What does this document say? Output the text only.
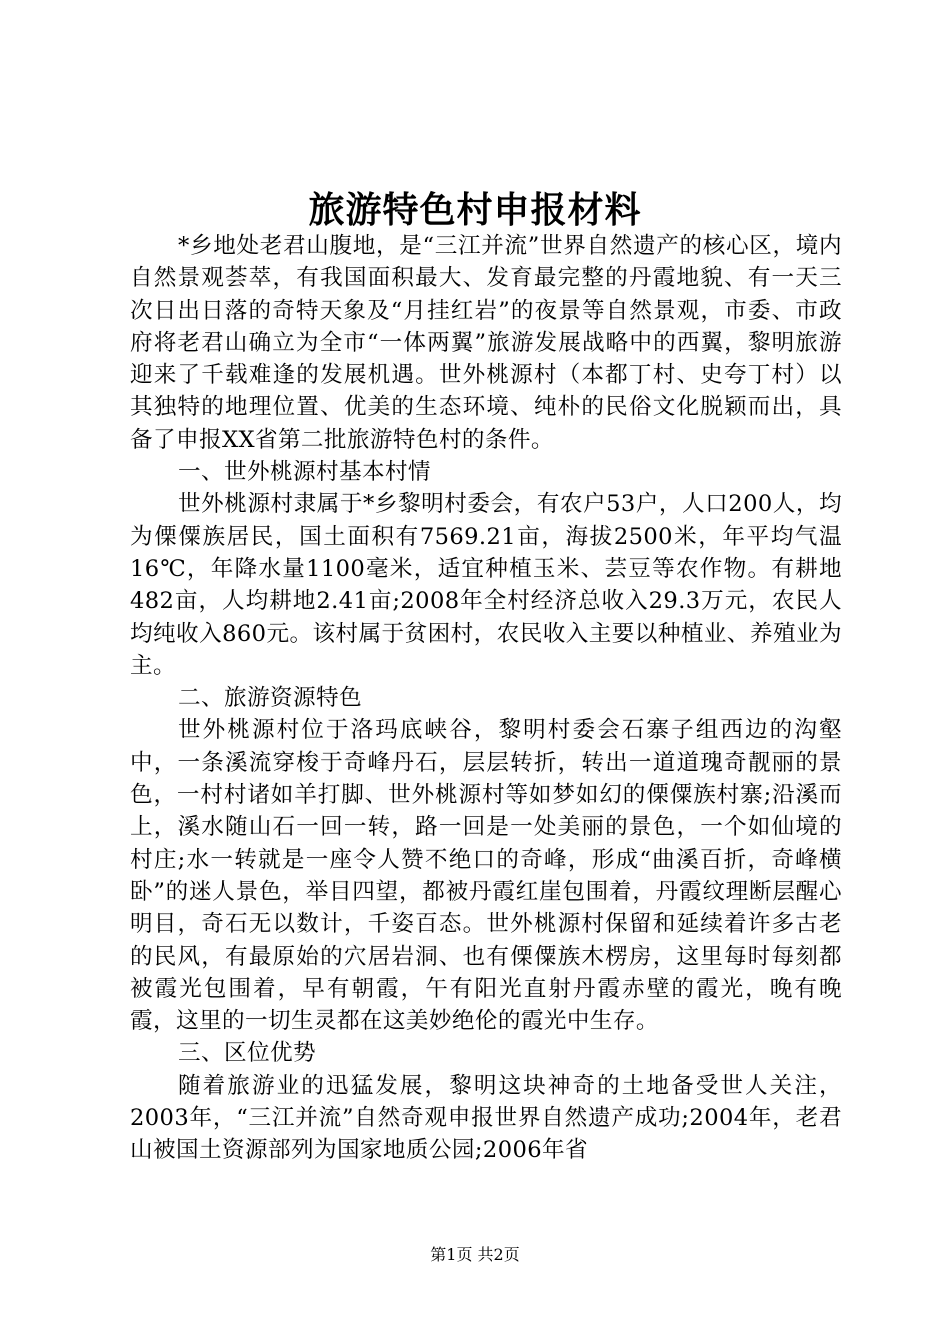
旅游特色村申报材料

*乡地处老君山腹地，是“三江并流”世界自然遗产的核心区，境内自然景观荟萃，有我国面积最大、发育最完整的丹霞地貌、有一天三次日出日落的奇特天象及“月挂红岩”的夜景等自然景观，市委、市政府将老君山确立为全市“一体两翼”旅游发展战略中的西翼，黎明旅游迎来了千载难逢的发展机遇。世外桃源村（本都丁村、史夸丁村）以其独特的地理位置、优美的生态环境、纯朴的民俗文化脱颖而出，具备了申报XX省第二批旅游特色村的条件。

一、世外桃源村基本村情

世外桃源村隶属于*乡黎明村委会，有农户53户，人口200人，均为傈僳族居民，国土面积有7569.21亩，海拔2500米，年平均气温16℃，年降水量1100毫米，适宜种植玉米、芸豆等农作物。有耕地482亩，人均耕地2.41亩;2008年全村经济总收入29.3万元，农民人均纯收入860元。该村属于贫困村，农民收入主要以种植业、养殖业为主。

二、旅游资源特色

世外桃源村位于洛玛底峡谷，黎明村委会石寨子组西边的沟壑中，一条溪流穿梭于奇峰丹石，层层转折，转出一道道瑰奇靓丽的景色，一村村诸如羊打脚、世外桃源村等如梦如幻的傈僳族村寨;沿溪而上，溪水随山石一回一转，路一回是一处美丽的景色，一个如仙境的村庄;水一转就是一座令人赞不绝口的奇峰，形成“曲溪百折，奇峰横卧”的迷人景色，举目四望，都被丹霞红崖包围着，丹霞纹理断层醒心明目，奇石无以数计，千姿百态。世外桃源村保留和延续着许多古老的民风，有最原始的穴居岩洞、也有傈僳族木楞房，这里每时每刻都被霞光包围着，早有朝霞，午有阳光直射丹霞赤壁的霞光，晚有晚霞，这里的一切生灵都在这美妙绝伦的霞光中生存。

三、区位优势

随着旅游业的迅猛发展，黎明这块神奇的土地备受世人关注，2003年，“三江并流”自然奇观申报世界自然遗产成功;2004年，老君山被国土资源部列为国家地质公园;2006年省

第1页 共2页
